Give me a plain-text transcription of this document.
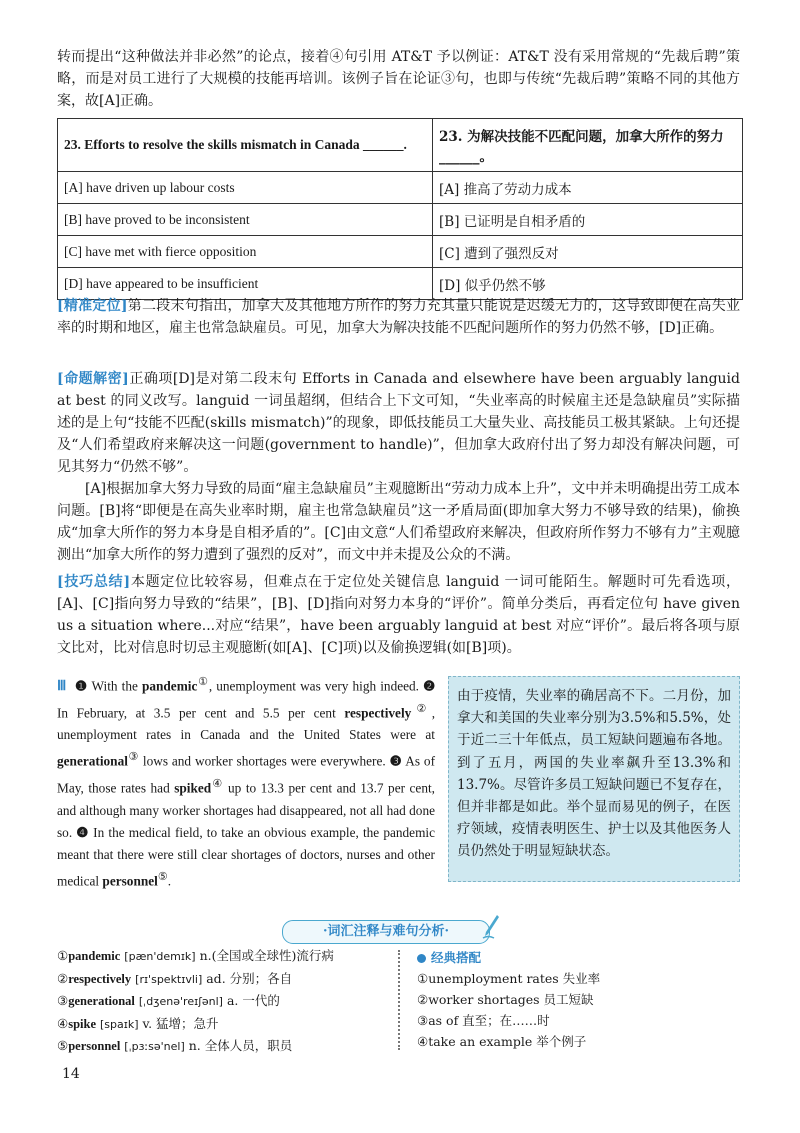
转而提出“这种做法并非必然”的论点，接着④句引用 AT&T 予以例证：AT&T 没有采用常规的“先裁后聘”策略，而是对员工进行了大规模的技能再培训。该例子旨在论证③句，也即与传统“先裁后聘”策略不同的其他方案，故[A]正确。
23. Efforts to resolve the skills mismatch in Canada ______.	23. 为解决技能不匹配问题，加拿大所作的努力______。
[A] have driven up labour costs	[A] 推高了劳动力成本
[B] have proved to be inconsistent	[B] 已证明是自相矛盾的
[C] have met with fierce opposition	[C] 遭到了强烈反对
[D] have appeared to be insufficient	[D] 似乎仍然不够
[精准定位]第二段末句指出，加拿大及其他地方所作的努力充其量只能说是迟缓无力的，这导致即便在高失业率的时期和地区，雇主也常急缺雇员。可见，加拿大为解决技能不匹配问题所作的努力仍然不够，[D]正确。
[命题解密]正确项[D]是对第二段末句 Efforts in Canada and elsewhere have been arguably languid at best 的同义改写。languid 一词虽超纲，但结合上下文可知，“失业率高的时候雇主还是急缺雇员”实际描述的是上句“技能不匹配(skills mismatch)”的现象，即低技能员工大量失业、高技能员工极其紧缺。上句还提及“人们希望政府来解决这一问题(government to handle)”，但加拿大政府付出了努力却没有解决问题，可见其努力“仍然不够”。
[A]根据加拿大努力导致的局面“雇主急缺雇员”主观臆断出“劳动力成本上升”，文中并未明确提出劳工成本问题。[B]将“即便是在高失业率时期，雇主也常急缺雇员”这一矛盾局面(即加拿大努力不够导致的结果)，偷换成“加拿大所作的努力本身是自相矛盾的”。[C]由文意“人们希望政府来解决，但政府所作努力不够有力”主观臆测出“加拿大所作的努力遭到了强烈的反对”，而文中并未提及公众的不满。
[技巧总结]本题定位比较容易，但难点在于定位处关键信息 languid 一词可能陌生。解题时可先看选项，[A]、[C]指向努力导致的“结果”，[B]、[D]指向对努力本身的“评价”。简单分类后，再看定位句 have given us a situation where...对应“结果”，have been arguably languid at best 对应“评价”。最后将各项与原文比对，比对信息时切忌主观臆断(如[A]、[C]项)以及偷换逻辑(如[B]项)。
Ⅲ ❶ With the pandemic①, unemployment was very high indeed. ❷ In February, at 3.5 per cent and 5.5 per cent respectively②, unemployment rates in Canada and the United States were at generational③ lows and worker shortages were everywhere. ❸ As of May, those rates had spiked④ up to 13.3 per cent and 13.7 per cent, and although many worker shortages had disappeared, not all had done so. ❹ In the medical field, to take an obvious example, the pandemic meant that there were still clear shortages of doctors, nurses and other medical personnel⑤.
由于疫情，失业率的确居高不下。二月份，加拿大和美国的失业率分别为3.5%和5.5%，处于近二三十年低点，员工短缺问题遍布各地。到了五月，两国的失业率飙升至13.3%和13.7%。尽管许多员工短缺问题已不复存在，但并非都是如此。举个显而易见的例子，在医疗领域，疫情表明医生、护士以及其他医务人员仍然处于明显短缺状态。
·词汇注释与难句分析·
①pandemic [pæn'demɪk] n.(全国或全球性)流行病
②respectively [rɪ'spektɪvli] ad. 分别；各自
③generational [ˌdʒenə'reɪʃənl] a. 一代的
④spike [spaɪk] v. 猛增；急升
⑤personnel [ˌpɜːsə'nel] n. 全体人员，职员
经典搭配
①unemployment rates 失业率
②worker shortages 员工短缺
③as of 直至；在……时
④take an example 举个例子
14
